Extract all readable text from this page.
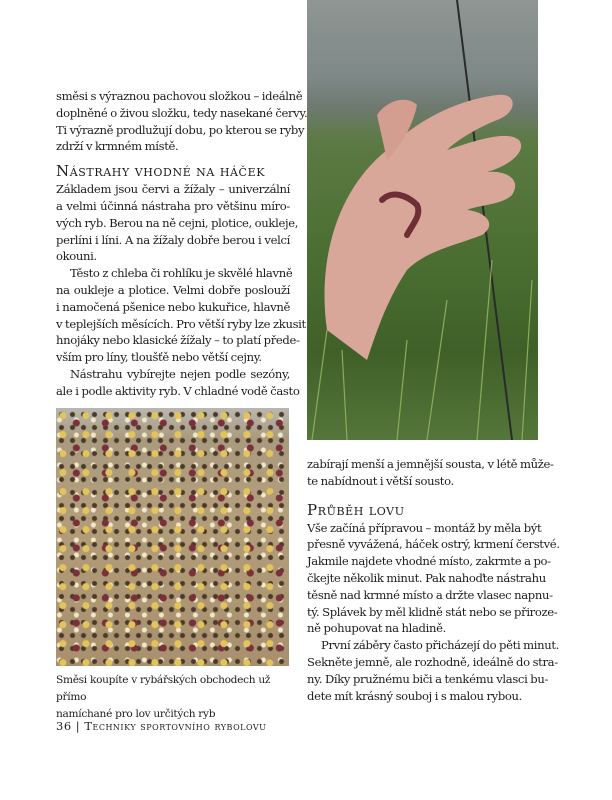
směsi s výraznou pachovou složkou – ideálně
doplněné o živou složku, tedy nasekané červy.
Ti výrazně prodlužují dobu, po kterou se ryby
zdrží v krmném místě.
Nástrahy vhodné na háček
Základem jsou červi a žížaly – univerzální
a velmi účinná nástraha pro většinu míro-
vých ryb. Berou na ně cejni, plotice, oukleje,
perlíni i líni. A na žížaly dobře berou i velcí
okouni.
Těsto z chleba či rohlíku je skvělé hlavně
na oukleje a plotice. Velmi dobře poslouží
i namočená pšenice nebo kukuřice, hlavně
v teplejších měsících. Pro větší ryby lze zkusit
hnojáky nebo klasické žížaly – to platí přede-
vším pro líny, tloušťě nebo větší cejny.
Nástrahu vybírejte nejen podle sezóny,
ale i podle aktivity ryb. V chladné vodě často
Směsi koupíte v rybářských obchodech už přímo
namíchané pro lov určitých ryb
zabírají menší a jemnější sousta, v létě může-
te nabídnout i větší sousto.
Průběh lovu
Vše začíná přípravou – montáž by měla být
přesně vyvážená, háček ostrý, krmení čerstvé.
Jakmile najdete vhodné místo, zakrmte a po-
čkejte několik minut. Pak nahoďte nástrahu
těsně nad krmné místo a držte vlasec napnu-
tý. Splávek by měl klidně stát nebo se přiroze-
ně pohupovat na hladině.
První záběry často přicházejí do pěti minut.
Sekněte jemně, ale rozhodně, ideálně do stra-
ny. Díky pružnému biči a tenkému vlasci bu-
dete mít krásný souboj i s malou rybou.
36 | Techniky sportovního rybolovu
